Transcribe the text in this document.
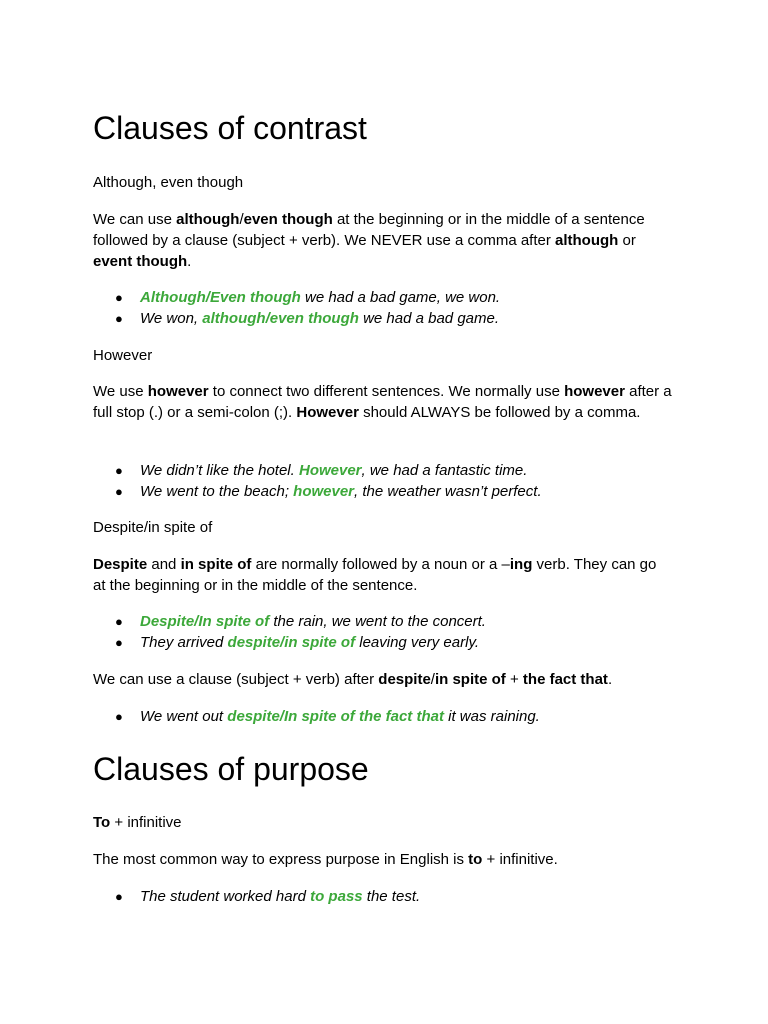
Clauses of contrast

Although, even though

We can use although/even though at the beginning or in the middle of a sentence followed by a clause (subject + verb). We NEVER use a comma after although or event though.

● Although/Even though we had a bad game, we won.
● We won, although/even though we had a bad game.

However

We use however to connect two different sentences. We normally use however after a full stop (.) or a semi-colon (;). However should ALWAYS be followed by a comma.

● We didn’t like the hotel. However, we had a fantastic time.
● We went to the beach; however, the weather wasn’t perfect.

Despite/in spite of

Despite and in spite of are normally followed by a noun or a –ing verb. They can go at the beginning or in the middle of the sentence.

● Despite/In spite of the rain, we went to the concert.
● They arrived despite/in spite of leaving very early.

We can use a clause (subject + verb) after despite/in spite of + the fact that.

● We went out despite/In spite of the fact that it was raining.
Clauses of purpose

To + infinitive

The most common way to express purpose in English is to + infinitive.

● The student worked hard to pass the test.
